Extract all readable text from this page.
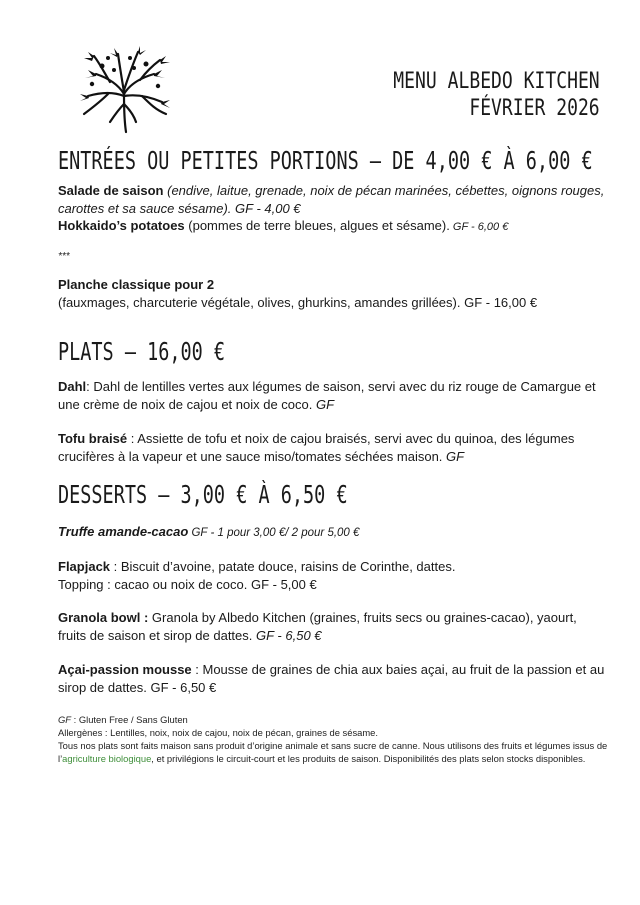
MENU ALBEDO KITCHEN
FÉVRIER 2026
ENTRÉES OU PETITES PORTIONS – DE 4,00 € À 6,00 €
Salade de saison (endive, laitue, grenade, noix de pécan marinées, cébettes, oignons rouges, carottes et sa sauce sésame). GF - 4,00 €
Hokkaido’s potatoes (pommes de terre bleues, algues et sésame). GF - 6,00 €
***
Planche classique pour 2
(fauxmages, charcuterie végétale, olives, ghurkins, amandes grillées). GF - 16,00 €
PLATS – 16,00 €
Dahl: Dahl de lentilles vertes aux légumes de saison, servi avec du riz rouge de Camargue et une crème de noix de cajou et noix de coco. GF
Tofu braisé : Assiette de tofu et noix de cajou braisés, servi avec du quinoa, des légumes crucifères à la vapeur et une sauce miso/tomates séchées maison. GF
DESSERTS – 3,00 € À 6,50 €
Truffe amande-cacao GF - 1 pour 3,00 €/ 2 pour 5,00 €
Flapjack : Biscuit d’avoine, patate douce, raisins de Corinthe, dattes.
Topping : cacao ou noix de coco. GF - 5,00 €
Granola bowl : Granola by Albedo Kitchen (graines, fruits secs ou graines-cacao), yaourt, fruits de saison et sirop de dattes. GF - 6,50 €
Açai-passion mousse : Mousse de graines de chia aux baies açai, au fruit de la passion et au sirop de dattes. GF - 6,50 €
GF : Gluten Free / Sans Gluten
Allergènes : Lentilles, noix, noix de cajou, noix de pécan, graines de sésame.
Tous nos plats sont faits maison sans produit d’origine animale et sans sucre de canne. Nous utilisons des fruits et légumes issus de l’agriculture biologique, et privilégions le circuit-court et les produits de saison. Disponibilités des plats selon stocks disponibles.
